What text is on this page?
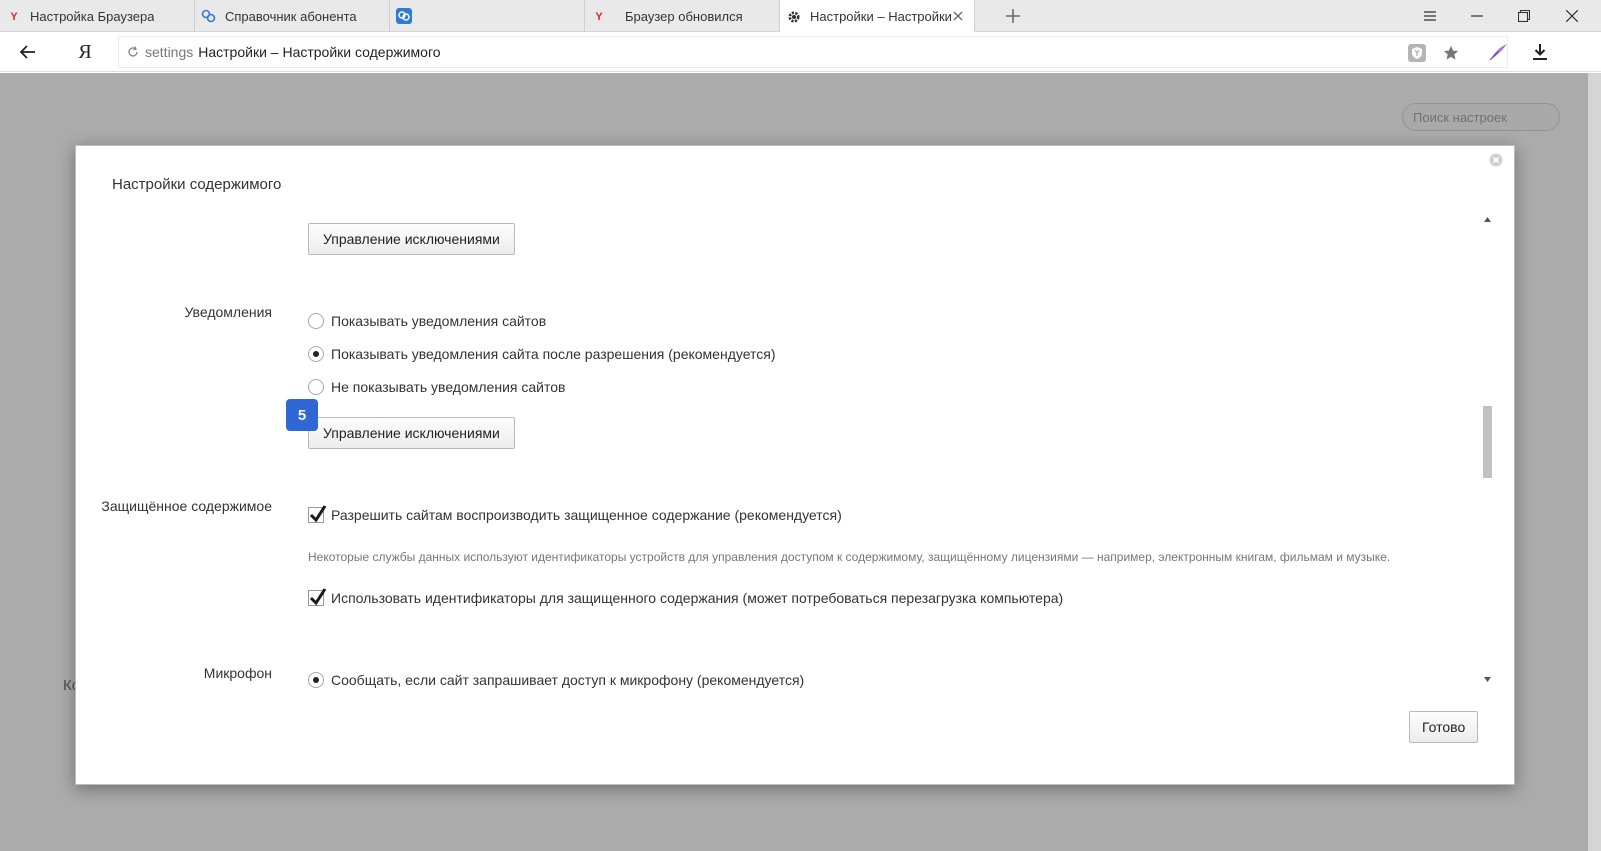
Y Настройка Браузера	Справочник абонента	Y Браузер обновился	Настройки – Настройки
Я	settings Настройки – Настройки содержимого
Поиск настроек
Настройки содержимого
Управление исключениями
Уведомления
Показывать уведомления сайтов
Показывать уведомления сайта после разрешения (рекомендуется)
Не показывать уведомления сайтов
Управление исключениями
5
Защищённое содержимое
Разрешить сайтам воспроизводить защищенное содержание (рекомендуется)
Некоторые службы данных используют идентификаторы устройств для управления доступом к содержимому, защищённому лицензиями — например, электронным книгам, фильмам и музыке.
Использовать идентификаторы для защищенного содержания (может потребоваться перезагрузка компьютера)
Микрофон	Сообщать, если сайт запрашивает доступ к микрофону (рекомендуется)
Готово
